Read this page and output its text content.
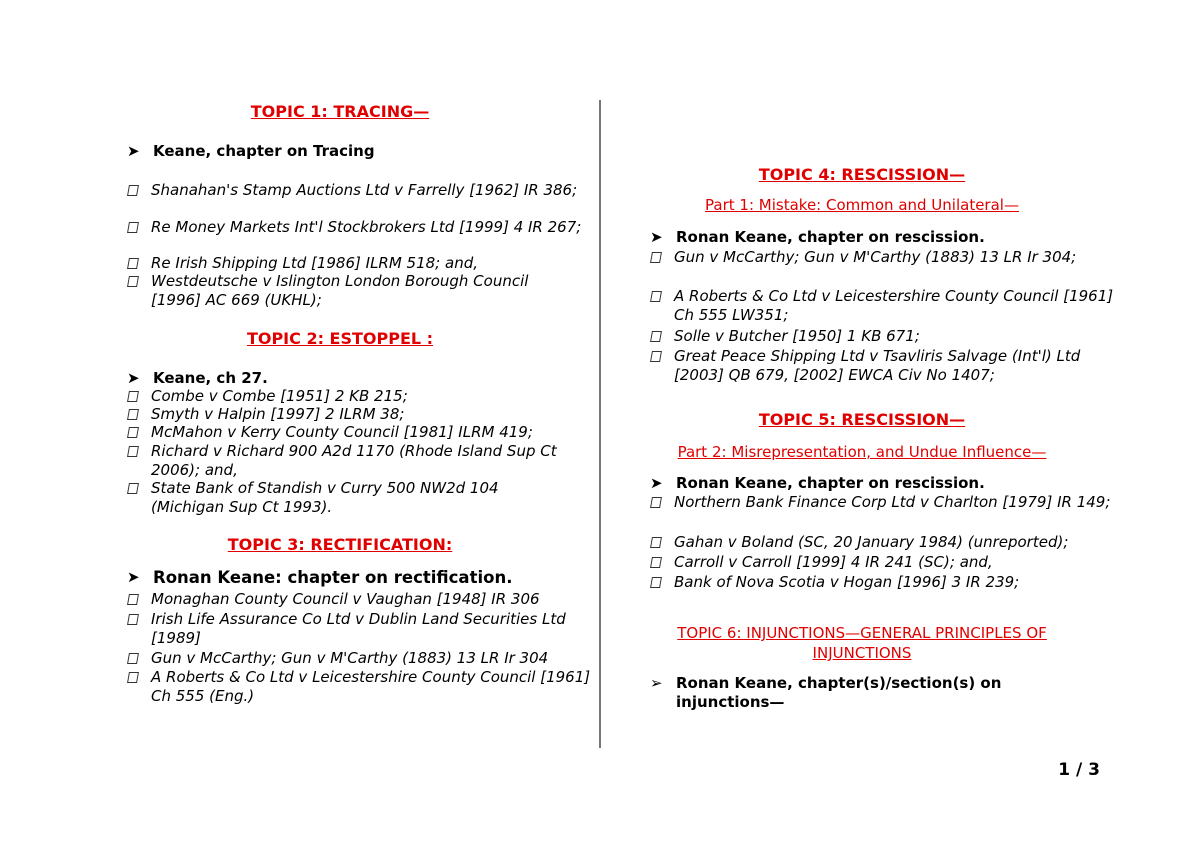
TOPIC 1: TRACING—
➤ Keane, chapter on Tracing
Shanahan's Stamp Auctions Ltd v Farrelly [1962] IR 386;
Re Money Markets Int'l Stockbrokers Ltd [1999] 4 IR 267;
Re Irish Shipping Ltd [1986] ILRM 518; and,
Westdeutsche v Islington London Borough Council [1996] AC 669 (UKHL);
TOPIC 2: ESTOPPEL :
➤ Keane, ch 27.
Combe v Combe [1951] 2 KB 215;
Smyth v Halpin [1997] 2 ILRM 38;
McMahon v Kerry County Council [1981] ILRM 419;
Richard v Richard 900 A2d 1170 (Rhode Island Sup Ct 2006); and,
State Bank of Standish v Curry 500 NW2d 104 (Michigan Sup Ct 1993).
TOPIC 3: RECTIFICATION:
➤ Ronan Keane: chapter on rectification.
Monaghan County Council v Vaughan [1948] IR 306
Irish Life Assurance Co Ltd v Dublin Land Securities Ltd [1989]
Gun v McCarthy; Gun v M'Carthy (1883) 13 LR Ir 304
A Roberts & Co Ltd v Leicestershire County Council [1961] Ch 555 (Eng.)
TOPIC 4: RESCISSION—
Part 1: Mistake: Common and Unilateral—
➤ Ronan Keane, chapter on rescission.
Gun v McCarthy; Gun v M'Carthy (1883) 13 LR Ir 304;
A Roberts & Co Ltd v Leicestershire County Council [1961] Ch 555 LW351;
Solle v Butcher [1950] 1 KB 671;
Great Peace Shipping Ltd v Tsavliris Salvage (Int'l) Ltd [2003] QB 679, [2002] EWCA Civ No 1407;
TOPIC 5: RESCISSION—
Part 2: Misrepresentation, and Undue Influence—
➤ Ronan Keane, chapter on rescission.
Northern Bank Finance Corp Ltd v Charlton [1979] IR 149;
Gahan v Boland (SC, 20 January 1984) (unreported);
Carroll v Carroll [1999] 4 IR 241 (SC); and,
Bank of Nova Scotia v Hogan [1996] 3 IR 239;
TOPIC 6: INJUNCTIONS—GENERAL PRINCIPLES OF INJUNCTIONS
➢ Ronan Keane, chapter(s)/section(s) on injunctions—
1 / 3
